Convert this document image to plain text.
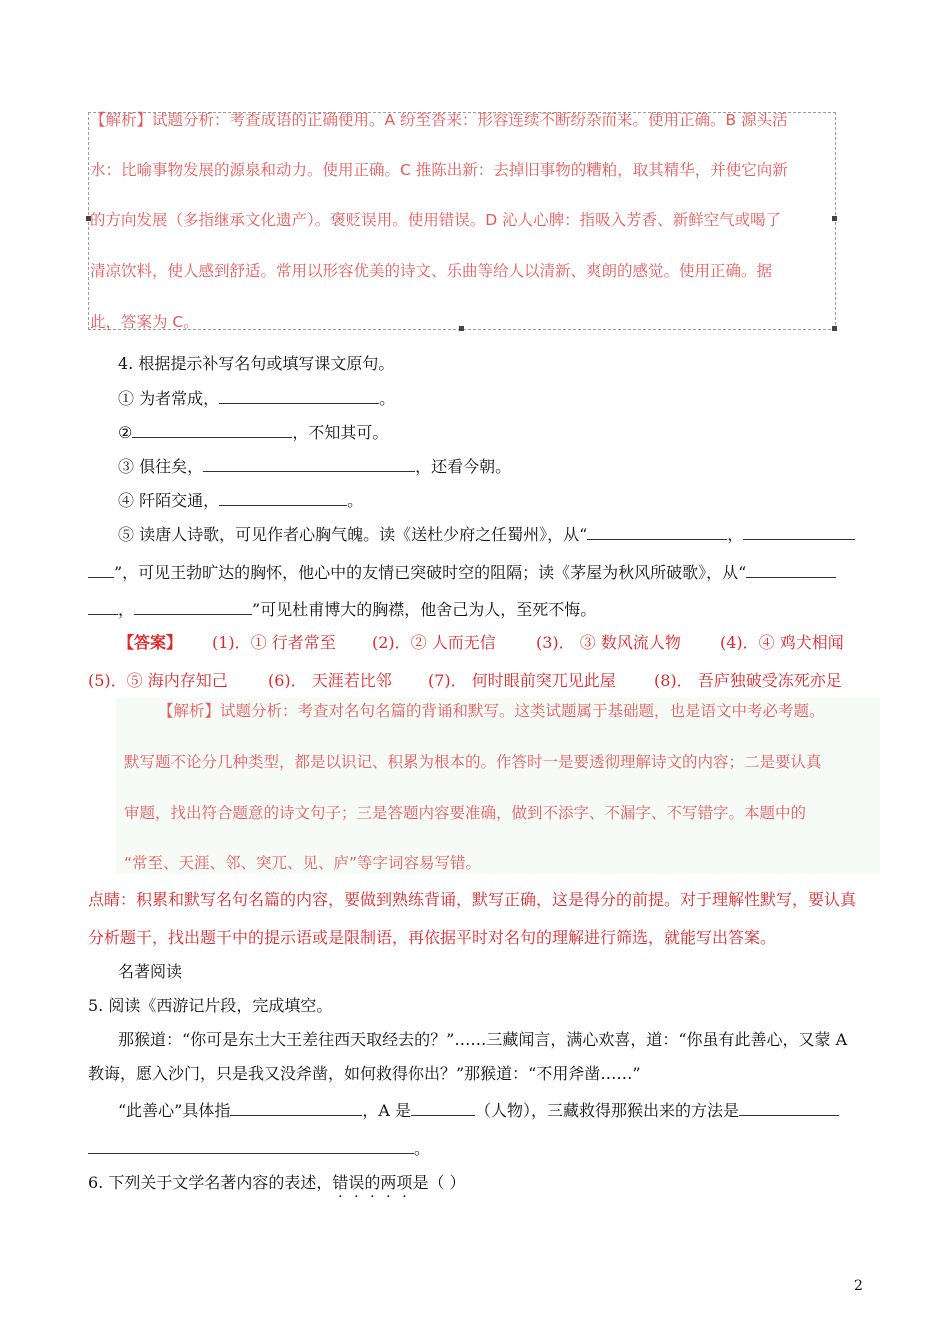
【解析】试题分析：考查成语的正确使用。A 纷至沓来：形容连续不断纷杂而来。使用正确。B 源头活
水：比喻事物发展的源泉和动力。使用正确。C 推陈出新：去掉旧事物的糟粕，取其精华，并使它向新
的方向发展（多指继承文化遗产）。褒贬误用。使用错误。D 沁人心脾：指吸入芳香、新鲜空气或喝了
清凉饮料，使人感到舒适。常用以形容优美的诗文、乐曲等给人以清新、爽朗的感觉。使用正确。据
此，答案为 C。
4. 根据提示补写名句或填写课文原句。
① 为者常成，	。
②	，不知其可。
③ 俱往矣，	，还看今朝。
④ 阡陌交通，	。
⑤ 读唐人诗歌，可见作者心胸气魄。读《送杜少府之任蜀州》，从“	，
”，可见王勃旷达的胸怀，他心中的友情已突破时空的阻隔；读《茅屋为秋风所破歌》，从“
，	”可见杜甫博大的胸襟，他舍己为人，至死不悔。
【答案】 (1)．① 行者常至 (2)．② 人而无信	(3)． ③ 数风流人物 (4)．④ 鸡犬相闻
(5)．⑤ 海内存知己	(6)． 天涯若比邻 (7)． 何时眼前突兀见此屋 (8)． 吾庐独破受冻死亦足
【解析】试题分析：考查对名句名篇的背诵和默写。这类试题属于基础题，也是语文中考必考题。
默写题不论分几种类型，都是以识记、积累为根本的。作答时一是要透彻理解诗文的内容；二是要认真
审题，找出符合题意的诗文句子；三是答题内容要准确，做到不添字、不漏字、不写错字。本题中的
“常至、天涯、邻、突兀、见、庐”等字词容易写错。
点睛：积累和默写名句名篇的内容，要做到熟练背诵，默写正确，这是得分的前提。对于理解性默写，要认真
分析题干，找出题干中的提示语或是限制语，再依据平时对名句的理解进行筛选，就能写出答案。
名著阅读
5. 阅读《西游记片段，完成填空。
那猴道：“你可是东土大王差往西天取经去的？”……三藏闻言，满心欢喜，道：“你虽有此善心，又蒙 A
教诲，愿入沙门，只是我又没斧凿，如何救得你出？”那猴道：“不用斧凿……”
“此善心”具体指	，A 是	（人物），三藏救得那猴出来的方法是
。
6. 下列关于文学名著内容的表述，错误的两项是（ ）
2
